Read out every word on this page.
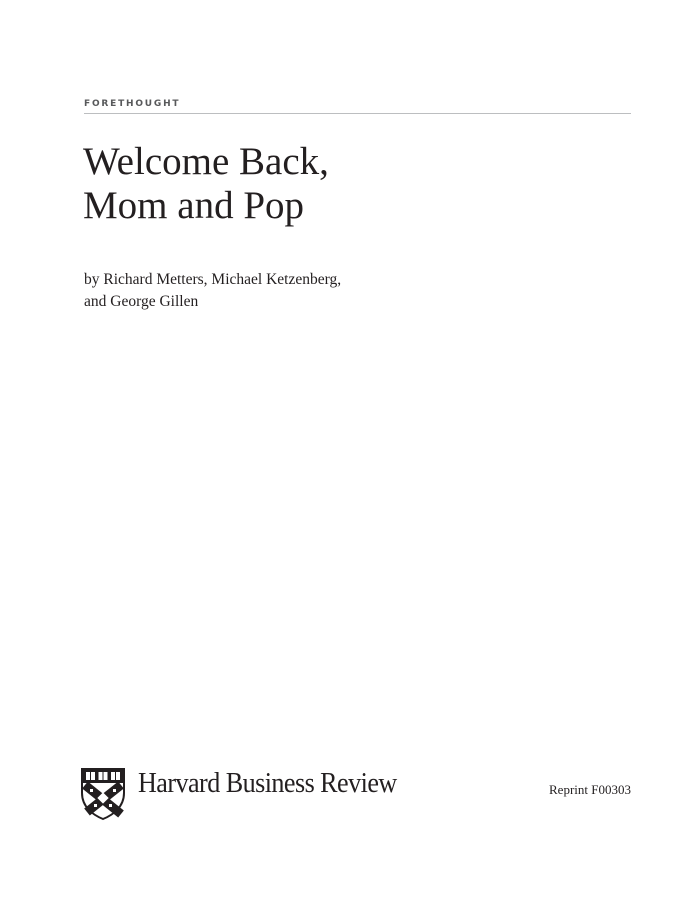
FORETHOUGHT
Welcome Back,
Mom and Pop
by Richard Metters, Michael Ketzenberg,
and George Gillen
Harvard Business Review	Reprint F00303
